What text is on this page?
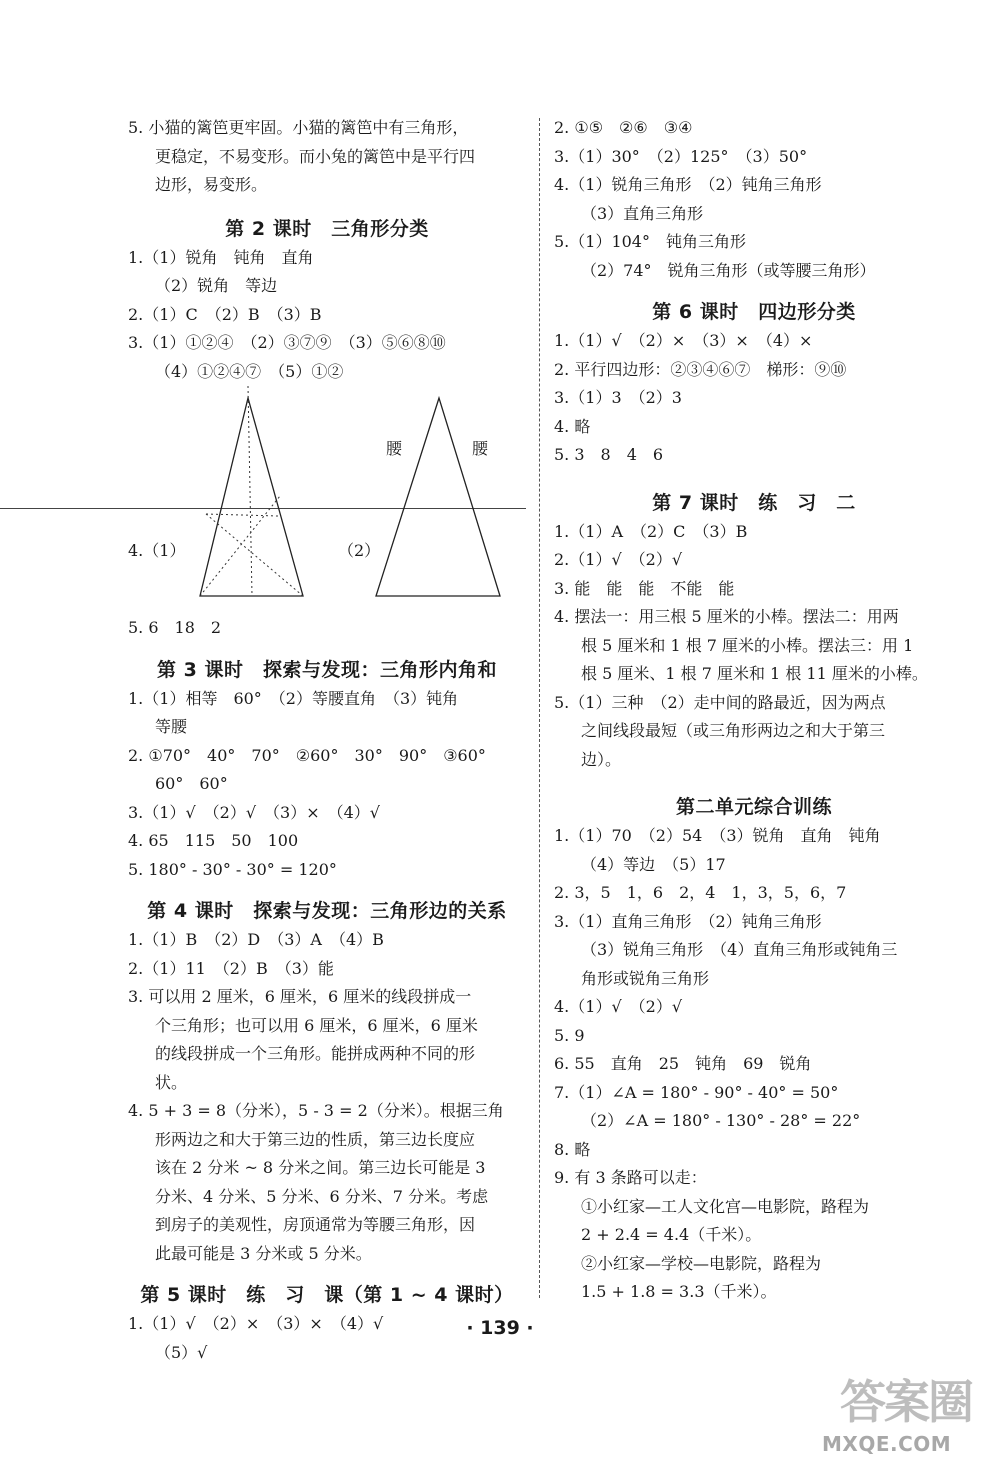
5. 小猫的篱笆更牢固。小猫的篱笆中有三角形，
更稳定，不易变形。而小兔的篱笆中是平行四
边形，易变形。
第 2 课时　三角形分类
1.（1）锐角　钝角　直角
（2）锐角　等边
2.（1）C　（2）B　（3）B
3.（1）①②④　（2）③⑦⑨　（3）⑤⑥⑧⑩
（4）①②④⑦　（5）①②
4.（1）	（2）
腰	腰
5. 6　18　2
第 3 课时　探索与发现：三角形内角和
1.（1）相等　60°　（2）等腰直角　（3）钝角
等腰
2. ①70°　40°　70°　②60°　30°　90°　③60°
60°　60°
3.（1）√　（2）√　（3）×　（4）√
4. 65　115　50　100
5. 180° - 30° - 30° = 120°
第 4 课时　探索与发现：三角形边的关系
1.（1）B　（2）D　（3）A　（4）B
2.（1）11　（2）B　（3）能
3. 可以用 2 厘米，6 厘米，6 厘米的线段拼成一
个三角形；也可以用 6 厘米，6 厘米，6 厘米
的线段拼成一个三角形。能拼成两种不同的形
状。
4. 5 + 3 = 8（分米），5 - 3 = 2（分米）。根据三角
形两边之和大于第三边的性质，第三边长度应
该在 2 分米 ~ 8 分米之间。第三边长可能是 3
分米、4 分米、5 分米、6 分米、7 分米。考虑
到房子的美观性，房顶通常为等腰三角形，因
此最可能是 3 分米或 5 分米。
第 5 课时　练　习　课（第 1 ~ 4 课时）
1.（1）√　（2）×　（3）×　（4）√
（5）√
2. ①⑤　②⑥　③④
3.（1）30°　（2）125°　（3）50°
4.（1）锐角三角形　（2）钝角三角形
（3）直角三角形
5.（1）104°　钝角三角形
（2）74°　锐角三角形（或等腰三角形）
第 6 课时　四边形分类
1.（1）√　（2）×　（3）×　（4）×
2. 平行四边形：②③④⑥⑦　梯形：⑨⑩
3.（1）3　（2）3
4. 略
5. 3　8　4　6
第 7 课时　练　习　二
1.（1）A　（2）C　（3）B
2.（1）√　（2）√
3. 能　能　能　不能　能
4. 摆法一：用三根 5 厘米的小棒。摆法二：用两
根 5 厘米和 1 根 7 厘米的小棒。摆法三：用 1
根 5 厘米、1 根 7 厘米和 1 根 11 厘米的小棒。
5.（1）三种　（2）走中间的路最近，因为两点
之间线段最短（或三角形两边之和大于第三
边）。
第二单元综合训练
1.（1）70　（2）54　（3）锐角　直角　钝角
（4）等边　（5）17
2. 3，5　1，6　2，4　1，3，5，6，7
3.（1）直角三角形　（2）钝角三角形
（3）锐角三角形　（4）直角三角形或钝角三
角形或锐角三角形
4.（1）√　（2）√
5. 9
6. 55　直角　25　钝角　69　锐角
7.（1）∠A = 180° - 90° - 40° = 50°
（2）∠A = 180° - 130° - 28° = 22°
8. 略
9. 有 3 条路可以走：
①小红家—工人文化宫—电影院，路程为
2 + 2.4 = 4.4（千米）。
②小红家—学校—电影院，路程为
1.5 + 1.8 = 3.3（千米）。
· 139 ·
答案圈
MXQE.COM
